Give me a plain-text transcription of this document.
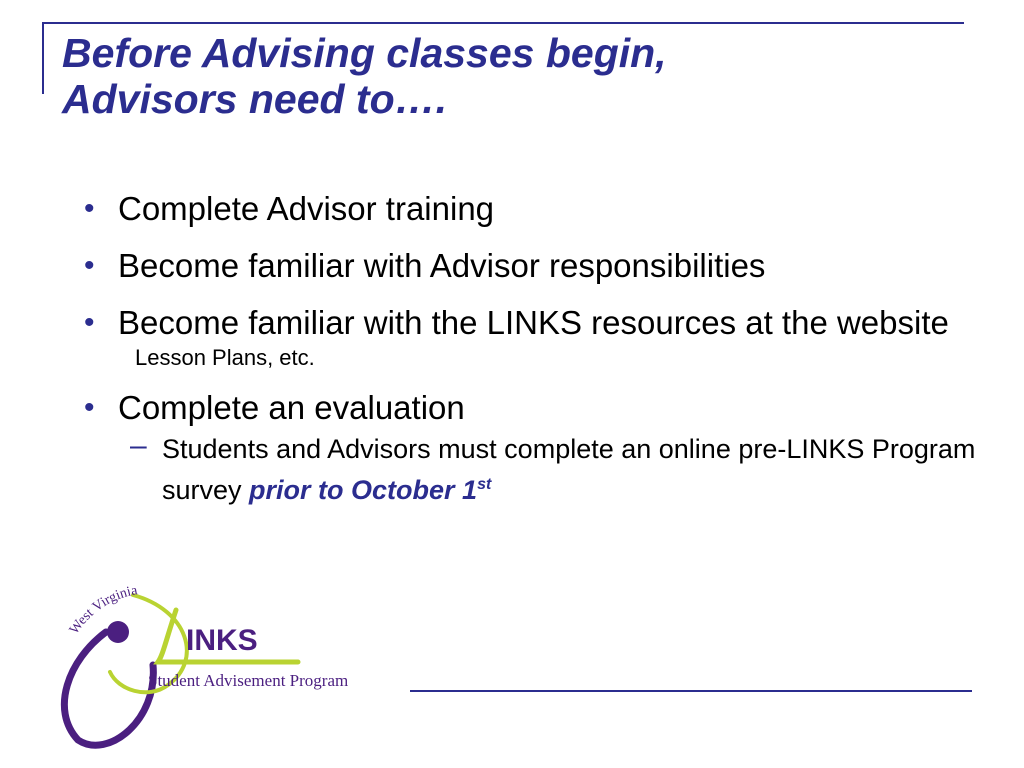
Before Advising classes begin,
Advisors need to….
• Complete Advisor training
• Become familiar with Advisor responsibilities
• Become familiar with the LINKS resources at the website
Lesson Plans, etc.
• Complete an evaluation
– Students and Advisors must complete an online pre-LINKS Program survey prior to October 1st
West Virginia
INKS
Student Advisement Program
